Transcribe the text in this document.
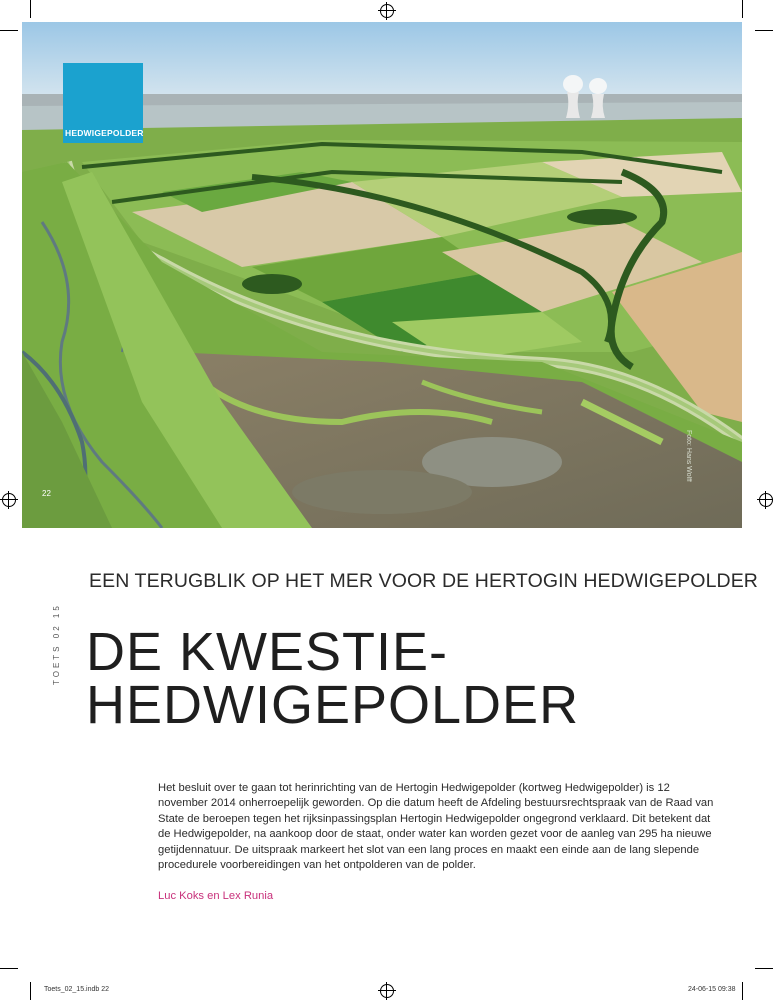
HEDWIGEPOLDER
22
Foto: Hans Wolff
EEN TERUGBLIK OP HET MER VOOR DE HERTOGIN HEDWIGEPOLDER
TOETS 02 15 DE KWESTIE-
HEDWIGEPOLDER

Het besluit over te gaan tot herinrichting van de Hertogin Hedwigepolder (kortweg Hedwigepolder) is 12 november 2014 onherroepelijk geworden. Op die datum heeft de Afdeling bestuursrechtspraak van de Raad van State de beroepen tegen het rijksinpassingsplan Hertogin Hedwigepolder ongegrond verklaard. Dit betekent dat de Hedwigepolder, na aankoop door de staat, onder water kan worden gezet voor de aanleg van 295 ha nieuwe getijdennatuur. De uitspraak markeert het slot van een lang proces en maakt een einde aan de lang slepende procedurele voorbereidingen van het ontpolderen van de polder.

Luc Koks en Lex Runia
Toets_02_15.indb 22	24-06-15 09:38
